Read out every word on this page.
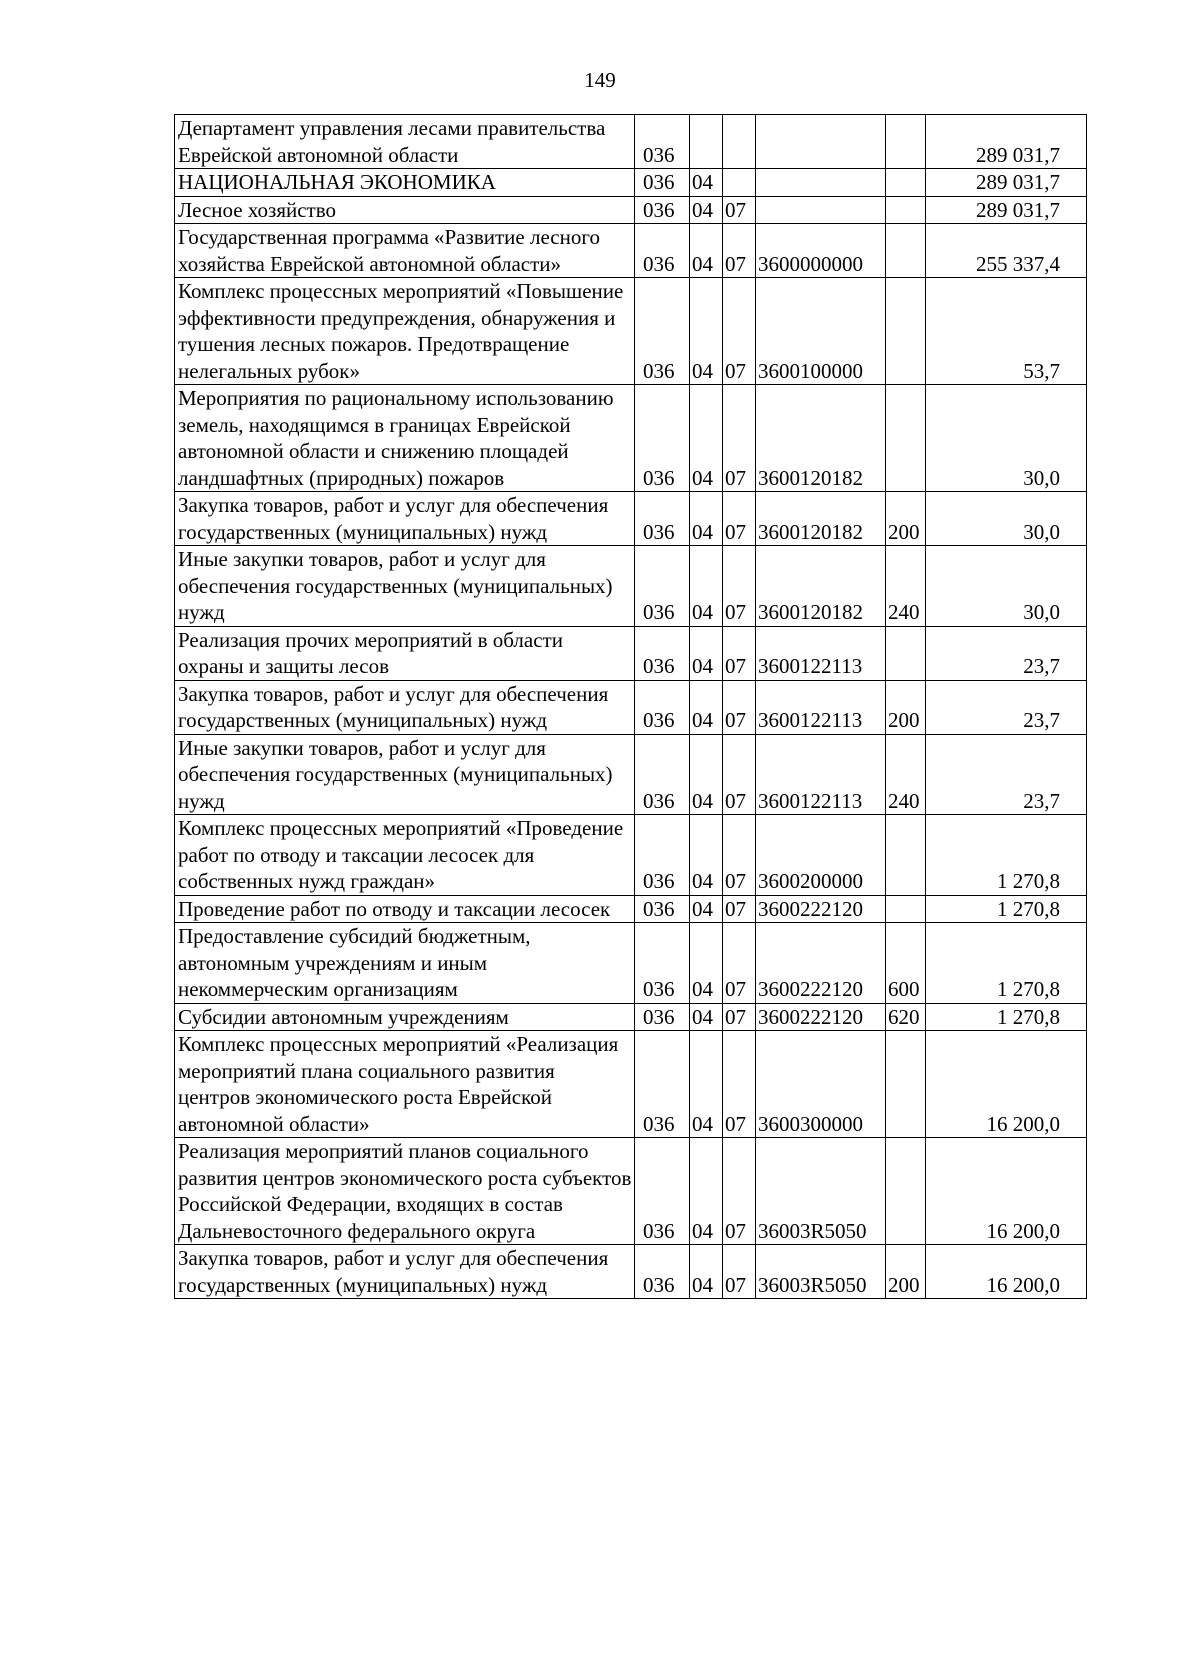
149
Департамент управления лесами правительства Еврейской автономной области	036					289 031,7
НАЦИОНАЛЬНАЯ ЭКОНОМИКА	036	04				289 031,7
Лесное хозяйство	036	04	07			289 031,7
Государственная программа «Развитие лесного хозяйства Еврейской автономной области»	036	04	07	3600000000		255 337,4
Комплекс процессных мероприятий «Повышение эффективности предупреждения, обнаружения и тушения лесных пожаров. Предотвращение нелегальных рубок»	036	04	07	3600100000		53,7
Мероприятия по рациональному использованию земель, находящимся в границах Еврейской автономной области и снижению площадей ландшафтных (природных) пожаров	036	04	07	3600120182		30,0
Закупка товаров, работ и услуг для обеспечения государственных (муниципальных) нужд	036	04	07	3600120182	200	30,0
Иные закупки товаров, работ и услуг для обеспечения государственных (муниципальных) нужд	036	04	07	3600120182	240	30,0
Реализация прочих мероприятий в области охраны и защиты лесов	036	04	07	3600122113		23,7
Закупка товаров, работ и услуг для обеспечения государственных (муниципальных) нужд	036	04	07	3600122113	200	23,7
Иные закупки товаров, работ и услуг для обеспечения государственных (муниципальных) нужд	036	04	07	3600122113	240	23,7
Комплекс процессных мероприятий «Проведение работ по отводу и таксации лесосек для собственных нужд граждан»	036	04	07	3600200000		1 270,8
Проведение работ по отводу и таксации лесосек	036	04	07	3600222120		1 270,8
Предоставление субсидий бюджетным, автономным учреждениям и иным некоммерческим организациям	036	04	07	3600222120	600	1 270,8
Субсидии автономным учреждениям	036	04	07	3600222120	620	1 270,8
Комплекс процессных мероприятий «Реализация мероприятий плана социального развития центров экономического роста Еврейской автономной области»	036	04	07	3600300000		16 200,0
Реализация мероприятий планов социального развития центров экономического роста субъектов Российской Федерации, входящих в состав Дальневосточного федерального округа	036	04	07	36003R5050		16 200,0
Закупка товаров, работ и услуг для обеспечения государственных (муниципальных) нужд	036	04	07	36003R5050	200	16 200,0
